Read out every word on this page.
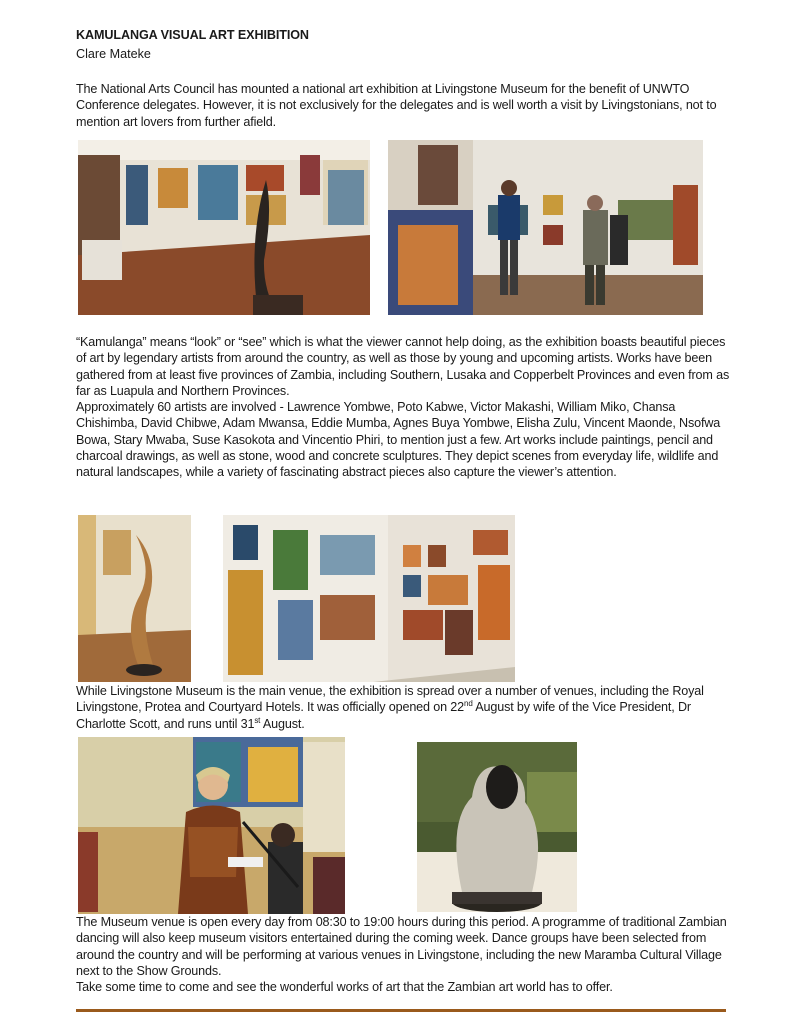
KAMULANGA VISUAL ART EXHIBITION
Clare Mateke

The National Arts Council has mounted a national art exhibition at Livingstone Museum for the benefit of UNWTO Conference delegates. However, it is not exclusively for the delegates and is well worth a visit by Livingstonians, not to mention art lovers from further afield.

“Kamulanga” means “look” or “see” which is what the viewer cannot help doing, as the exhibition boasts beautiful pieces of art by legendary artists from around the country, as well as those by young and upcoming artists. Works have been gathered from at least five provinces of Zambia, including Southern, Lusaka and Copperbelt Provinces and even from as far as Luapula and Northern Provinces.

Approximately 60 artists are involved - Lawrence Yombwe, Poto Kabwe, Victor Makashi, William Miko, Chansa Chishimba, David Chibwe, Adam Mwansa, Eddie Mumba, Agnes Buya Yombwe, Elisha Zulu, Vincent Maonde, Nsofwa Bowa, Stary Mwaba, Suse Kasokota and Vincentio Phiri, to mention just a few. Art works include paintings, pencil and charcoal drawings, as well as stone, wood and concrete sculptures. They depict scenes from everyday life, wildlife and natural landscapes, while a variety of fascinating abstract pieces also capture the viewer’s attention.

While Livingstone Museum is the main venue, the exhibition is spread over a number of venues, including the Royal Livingstone, Protea and Courtyard Hotels. It was officially opened on 22nd August by wife of the Vice President, Dr Charlotte Scott, and runs until 31st August.

The Museum venue is open every day from 08:30 to 19:00 hours during this period. A programme of traditional Zambian dancing will also keep museum visitors entertained during the coming week. Dance groups have been selected from around the country and will be performing at various venues in Livingstone, including the new Maramba Cultural Village next to the Show Grounds.

Take some time to come and see the wonderful works of art that the Zambian art world has to offer.
